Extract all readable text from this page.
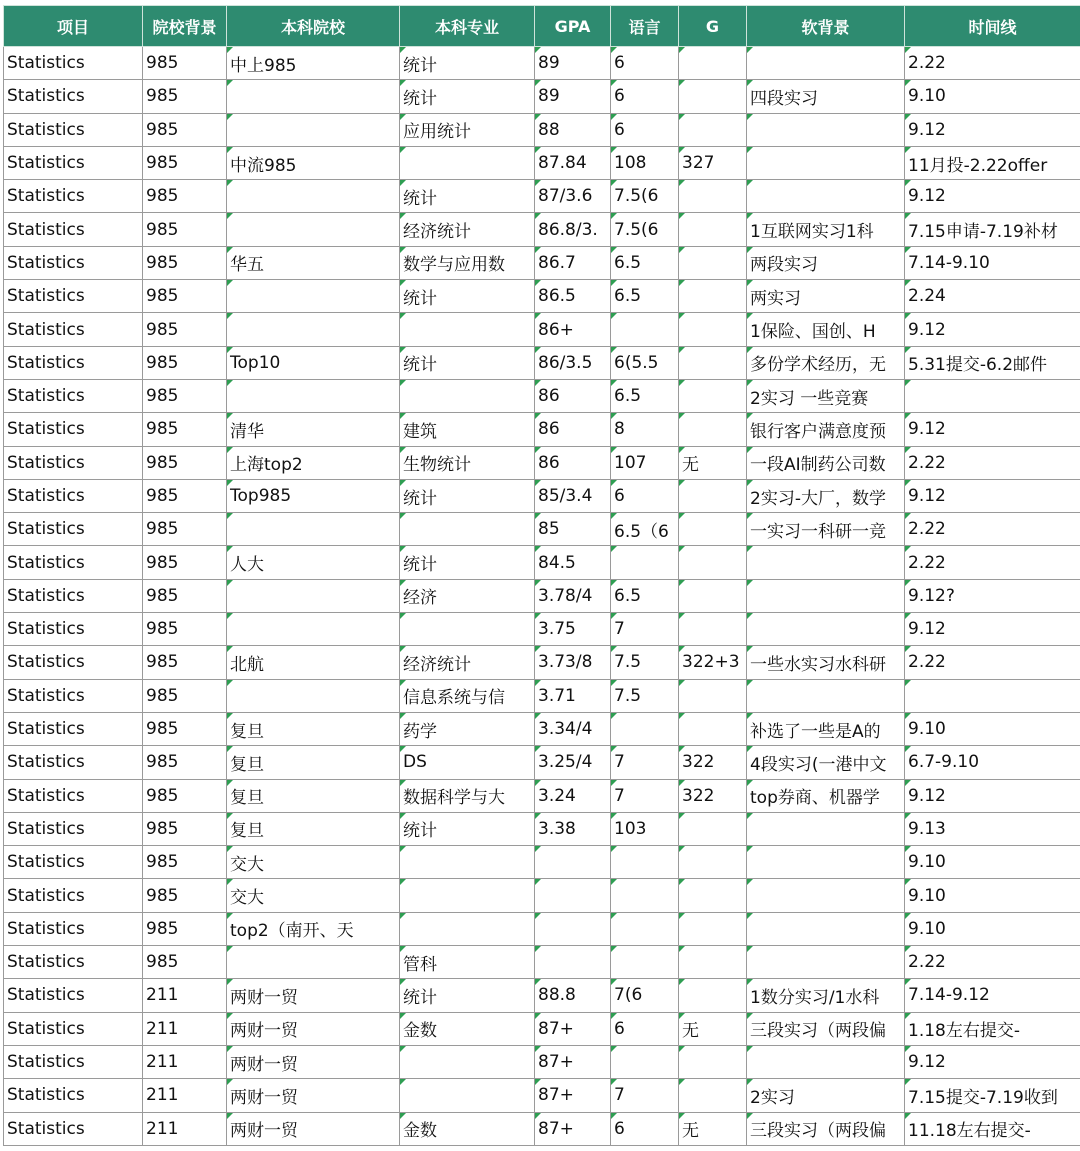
项目	院校背景	本科院校	本科专业	GPA	语言	G	软背景	时间线
Statistics	985	中上985	统计	89	6			2.22
Statistics	985		统计	89	6		四段实习	9.10
Statistics	985		应用统计	88	6			9.12
Statistics	985	中流985		87.84	108	327		11月投-2.22offer
Statistics	985		统计	87/3.6	7.5(6			9.12
Statistics	985		经济统计	86.8/3.	7.5(6		1互联网实习1科	7.15申请-7.19补材
Statistics	985	华五	数学与应用数	86.7	6.5		两段实习	7.14-9.10
Statistics	985		统计	86.5	6.5		两实习	2.24
Statistics	985			86+			1保险、国创、H	9.12
Statistics	985	Top10	统计	86/3.5	6(5.5		多份学术经历，无	5.31提交-6.2邮件
Statistics	985			86	6.5		2实习 一些竞赛	
Statistics	985	清华	建筑	86	8		银行客户满意度预	9.12
Statistics	985	上海top2	生物统计	86	107	无	一段AI制药公司数	2.22
Statistics	985	Top985	统计	85/3.4	6		2实习-大厂，数学	9.12
Statistics	985			85	6.5（6		一实习一科研一竞	2.22
Statistics	985	人大	统计	84.5				2.22
Statistics	985		经济	3.78/4	6.5			9.12?
Statistics	985			3.75	7			9.12
Statistics	985	北航	经济统计	3.73/8	7.5	322+3	一些水实习水科研	2.22
Statistics	985		信息系统与信	3.71	7.5			
Statistics	985	复旦	药学	3.34/4			补选了一些是A的	9.10
Statistics	985	复旦	DS	3.25/4	7	322	4段实习(一港中文	6.7-9.10
Statistics	985	复旦	数据科学与大	3.24	7	322	top券商、机器学	9.12
Statistics	985	复旦	统计	3.38	103			9.13
Statistics	985	交大						9.10
Statistics	985	交大						9.10
Statistics	985	top2（南开、天						9.10
Statistics	985		管科					2.22
Statistics	211	两财一贸	统计	88.8	7(6		1数分实习/1水科	7.14-9.12
Statistics	211	两财一贸	金数	87+	6	无	三段实习（两段偏	1.18左右提交-
Statistics	211	两财一贸		87+				9.12
Statistics	211	两财一贸		87+	7		2实习	7.15提交-7.19收到
Statistics	211	两财一贸	金数	87+	6	无	三段实习（两段偏	11.18左右提交-
